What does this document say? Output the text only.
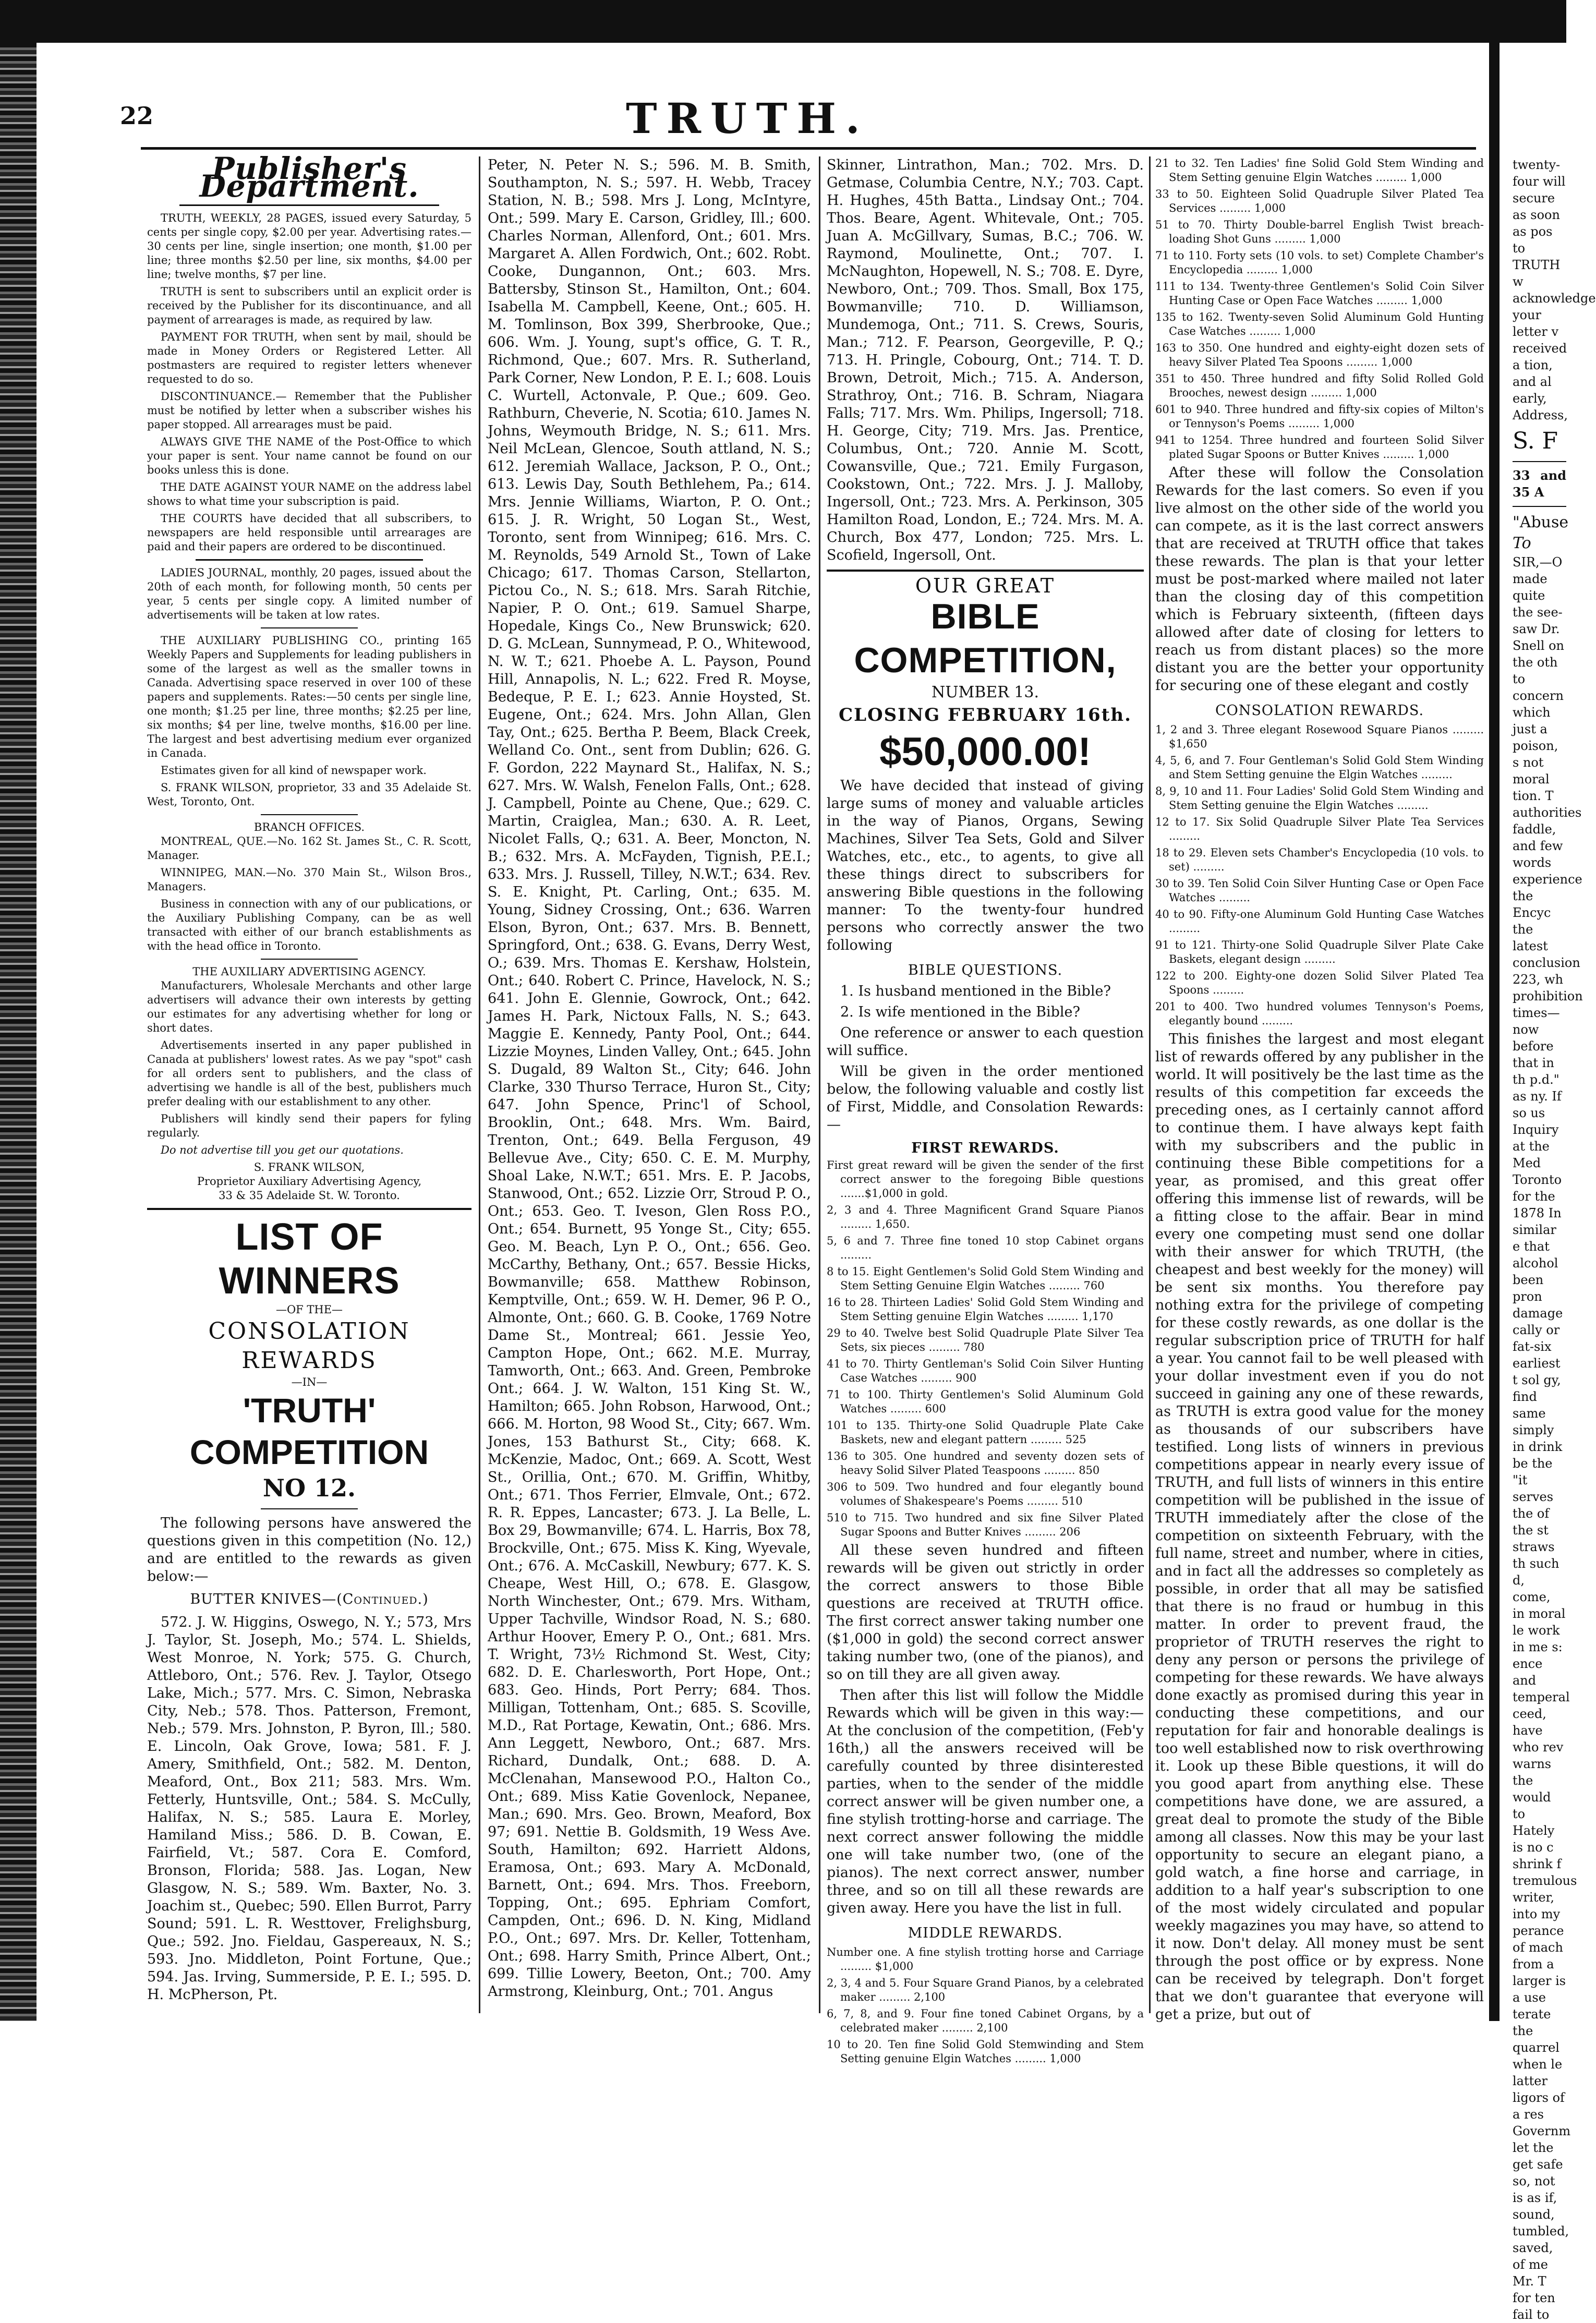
22	TRUTH.
Publisher's Department.

TRUTH, WEEKLY, 28 PAGES, issued every Saturday, 5 cents per single copy, $2.00 per year. Advertising rates.— 30 cents per line, single insertion; one month, $1.00 per line; three months $2.50 per line, six months, $4.00 per line; twelve months, $7 per line.

TRUTH is sent to subscribers until an explicit order is received by the Publisher for its discontinuance, and all payment of arrearages is made, as required by law.

PAYMENT FOR TRUTH, when sent by mail, should be made in Money Orders or Registered Letter. All postmasters are required to register letters whenever requested to do so.

DISCONTINUANCE.— Remember that the Publisher must be notified by letter when a subscriber wishes his paper stopped. All arrearages must be paid.

ALWAYS GIVE THE NAME of the Post-Office to which your paper is sent. Your name cannot be found on our books unless this is done.

THE DATE AGAINST YOUR NAME on the address label shows to what time your subscription is paid.

THE COURTS have decided that all subscribers, to newspapers are held responsible until arrearages are paid and their papers are ordered to be discontinued.

LADIES JOURNAL, monthly, 20 pages, issued about the 20th of each month, for following month, 50 cents per year, 5 cents per single copy. A limited number of advertisements will be taken at low rates.

THE AUXILIARY PUBLISHING CO., printing 165 Weekly Papers and Supplements for leading publishers in some of the largest as well as the smaller towns in Canada. Advertising space reserved in over 100 of these papers and supplements. Rates:—50 cents per single line, one month; $1.25 per line, three months; $2.25 per line, six months; $4 per line, twelve months, $16.00 per line. The largest and best advertising medium ever organized in Canada.

Estimates given for all kind of newspaper work.

S. FRANK WILSON, proprietor, 33 and 35 Adelaide St. West, Toronto, Ont.

BRANCH OFFICES.

MONTREAL, QUE.—No. 162 St. James St., C. R. Scott, Manager.

WINNIPEG, MAN.—No. 370 Main St., Wilson Bros., Managers.

Business in connection with any of our publications, or the Auxiliary Publishing Company, can be as well transacted with either of our branch establishments as with the head office in Toronto.

THE AUXILIARY ADVERTISING AGENCY.

Manufacturers, Wholesale Merchants and other large advertisers will advance their own interests by getting our estimates for any advertising whether for long or short dates.

Advertisements inserted in any paper published in Canada at publishers' lowest rates. As we pay "spot" cash for all orders sent to publishers, and the class of advertising we handle is all of the best, publishers much prefer dealing with our establishment to any other.

Publishers will kindly send their papers for fyling regularly.

Do not advertise till you get our quotations.

S. FRANK WILSON,
Proprietor Auxiliary Advertising Agency,
33 & 35 Adelaide St. W. Toronto.
LIST OF WINNERS
—OF THE—
CONSOLATION REWARDS
—IN—
'TRUTH' COMPETITION
NO 12.

The following persons have answered the questions given in this competition (No. 12,) and are entitled to the rewards as given below:—

BUTTER KNIVES—(Continued.)

572. J. W. Higgins, Oswego, N. Y.; 573, Mrs J. Taylor, St. Joseph, Mo.; 574. L. Shields, West Monroe, N. York; 575. G. Church, Attleboro, Ont.; 576. Rev. J. Taylor, Otsego Lake, Mich.; 577. Mrs. C. Simon, Nebraska City, Neb.; 578. Thos. Patterson, Fremont, Neb.; 579. Mrs. Johnston, P. Byron, Ill.; 580. E. Lincoln, Oak Grove, Iowa; 581. F. J. Amery, Smithfield, Ont.; 582. M. Denton, Meaford, Ont., Box 211; 583. Mrs. Wm. Fetterly, Huntsville, Ont.; 584. S. McCully, Halifax, N. S.; 585. Laura E. Morley, Hamiland Miss.; 586. D. B. Cowan, E. Fairfield, Vt.; 587. Cora E. Comford, Bronson, Florida; 588. Jas. Logan, New Glasgow, N. S.; 589. Wm. Baxter, No. 3. Joachim st., Quebec; 590. Ellen Burrot, Parry Sound; 591. L. R. Westtover, Frelighsburg, Que.; 592. Jno. Fieldau, Gaspereaux, N. S.; 593. Jno. Middleton, Point Fortune, Que.; 594. Jas. Irving, Summerside, P. E. I.; 595. D. H. McPherson, Pt.

Peter, N. Peter N. S.; 596. M. B. Smith, Southampton, N. S.; 597. H. Webb, Tracey Station, N. B.; 598. Mrs J. Long, McIntyre, Ont.; 599. Mary E. Carson, Gridley, Ill.; 600. Charles Norman, Allenford, Ont.; 601. Mrs. Margaret A. Allen Fordwich, Ont.; 602. Robt. Cooke, Dungannon, Ont.; 603. Mrs. Battersby, Stinson St., Hamilton, Ont.; 604. Isabella M. Campbell, Keene, Ont.; 605. H. M. Tomlinson, Box 399, Sherbrooke, Que.; 606. Wm. J. Young, supt's office, G. T. R., Richmond, Que.; 607. Mrs. R. Sutherland, Park Corner, New London, P. E. I.; 608. Louis C. Wurtell, Actonvale, P. Que.; 609. Geo. Rathburn, Cheverie, N. Scotia; 610. James N. Johns, Weymouth Bridge, N. S.; 611. Mrs. Neil McLean, Glencoe, South attland, N. S.; 612. Jeremiah Wallace, Jackson, P. O., Ont.; 613. Lewis Day, South Bethlehem, Pa.; 614. Mrs. Jennie Williams, Wiarton, P. O. Ont.; 615. J. R. Wright, 50 Logan St., West, Toronto, sent from Winnipeg; 616. Mrs. C. M. Reynolds, 549 Arnold St., Town of Lake Chicago; 617. Thomas Carson, Stellarton, Pictou Co., N. S.; 618. Mrs. Sarah Ritchie, Napier, P. O. Ont.; 619. Samuel Sharpe, Hopedale, Kings Co., New Brunswick; 620. D. G. McLean, Sunnymead, P. O., Whitewood, N. W. T.; 621. Phoebe A. L. Payson, Pound Hill, Annapolis, N. L.; 622. Fred R. Moyse, Bedeque, P. E. I.; 623. Annie Hoysted, St. Eugene, Ont.; 624. Mrs. John Allan, Glen Tay, Ont.; 625. Bertha P. Beem, Black Creek, Welland Co. Ont., sent from Dublin; 626. G. F. Gordon, 222 Maynard St., Halifax, N. S.; 627. Mrs. W. Walsh, Fenelon Falls, Ont.; 628. J. Campbell, Pointe au Chene, Que.; 629. C. Martin, Craiglea, Man.; 630. A. R. Leet, Nicolet Falls, Q.; 631. A. Beer, Moncton, N. B.; 632. Mrs. A. McFayden, Tignish, P.E.I.; 633. Mrs. J. Russell, Tilley, N.W.T.; 634. Rev. S. E. Knight, Pt. Carling, Ont.; 635. M. Young, Sidney Crossing, Ont.; 636. Warren Elson, Byron, Ont.; 637. Mrs. B. Bennett, Springford, Ont.; 638. G. Evans, Derry West, O.; 639. Mrs. Thomas E. Kershaw, Holstein, Ont.; 640. Robert C. Prince, Havelock, N. S.; 641. John E. Glennie, Gowrock, Ont.; 642. James H. Park, Nictoux Falls, N. S.; 643. Maggie E. Kennedy, Panty Pool, Ont.; 644. Lizzie Moynes, Linden Valley, Ont.; 645. John S. Dugald, 89 Walton St., City; 646. John Clarke, 330 Thurso Terrace, Huron St., City; 647. John Spence, Princ'l of School, Brooklin, Ont.; 648. Mrs. Wm. Baird, Trenton, Ont.; 649. Bella Ferguson, 49 Bellevue Ave., City; 650. C. E. M. Murphy, Shoal Lake, N.W.T.; 651. Mrs. E. P. Jacobs, Stanwood, Ont.; 652. Lizzie Orr, Stroud P. O., Ont.; 653. Geo. T. Iveson, Glen Ross P.O., Ont.; 654. Burnett, 95 Yonge St., City; 655. Geo. M. Beach, Lyn P. O., Ont.; 656. Geo. McCarthy, Bethany, Ont.; 657. Bessie Hicks, Bowmanville; 658. Matthew Robinson, Kemptville, Ont.; 659. W. H. Demer, 96 P. O., Almonte, Ont.; 660. G. B. Cooke, 1769 Notre Dame St., Montreal; 661. Jessie Yeo, Campton Hope, Ont.; 662. M.E. Murray, Tamworth, Ont.; 663. And. Green, Pembroke Ont.; 664. J. W. Walton, 151 King St. W., Hamilton; 665. John Robson, Harwood, Ont.; 666. M. Horton, 98 Wood St., City; 667. Wm. Jones, 153 Bathurst St., City; 668. K. McKenzie, Madoc, Ont.; 669. A. Scott, West St., Orillia, Ont.; 670. M. Griffin, Whitby, Ont.; 671. Thos Ferrier, Elmvale, Ont.; 672. R. R. Eppes, Lancaster; 673. J. La Belle, L. Box 29, Bowmanville; 674. L. Harris, Box 78, Brockville, Ont.; 675. Miss K. King, Wyevale, Ont.; 676. A. McCaskill, Newbury; 677. K. S. Cheape, West Hill, O.; 678. E. Glasgow, North Winchester, Ont.; 679. Mrs. Witham, Upper Tachville, Windsor Road, N. S.; 680. Arthur Hoover, Emery P. O., Ont.; 681. Mrs. T. Wright, 73½ Richmond St. West, City; 682. D. E. Charlesworth, Port Hope, Ont.; 683. Geo. Hinds, Port Perry; 684. Thos. Milligan, Tottenham, Ont.; 685. S. Scoville, M.D., Rat Portage, Kewatin, Ont.; 686. Mrs. Ann Leggett, Newboro, Ont.; 687. Mrs. Richard, Dundalk, Ont.; 688. D. A. McClenahan, Mansewood P.O., Halton Co., Ont.; 689. Miss Katie Govenlock, Nepanee, Man.; 690. Mrs. Geo. Brown, Meaford, Box 97; 691. Nettie B. Goldsmith, 19 Wess Ave. South, Hamilton; 692. Harriett Aldons, Eramosa, Ont.; 693. Mary A. McDonald, Barnett, Ont.; 694. Mrs. Thos. Freeborn, Topping, Ont.; 695. Ephriam Comfort, Campden, Ont.; 696. D. N. King, Midland P.O., Ont.; 697. Mrs. Dr. Keller, Tottenham, Ont.; 698. Harry Smith, Prince Albert, Ont.; 699. Tillie Lowery, Beeton, Ont.; 700. Amy Armstrong, Kleinburg, Ont.; 701. Angus

Skinner, Lintrathon, Man.; 702. Mrs. D. Getmase, Columbia Centre, N.Y.; 703. Capt. H. Hughes, 45th Batta., Lindsay Ont.; 704. Thos. Beare, Agent. Whitevale, Ont.; 705. Juan A. McGillvary, Sumas, B.C.; 706. W. Raymond, Moulinette, Ont.; 707. I. McNaughton, Hopewell, N. S.; 708. E. Dyre, Newboro, Ont.; 709. Thos. Small, Box 175, Bowmanville; 710. D. Williamson, Mundemoga, Ont.; 711. S. Crews, Souris, Man.; 712. F. Pearson, Georgeville, P. Q.; 713. H. Pringle, Cobourg, Ont.; 714. T. D. Brown, Detroit, Mich.; 715. A. Anderson, Strathroy, Ont.; 716. B. Schram, Niagara Falls; 717. Mrs. Wm. Philips, Ingersoll; 718. H. George, City; 719. Mrs. Jas. Prentice, Columbus, Ont.; 720. Annie M. Scott, Cowansville, Que.; 721. Emily Furgason, Cookstown, Ont.; 722. Mrs. J. J. Malloby, Ingersoll, Ont.; 723. Mrs. A. Perkinson, 305 Hamilton Road, London, E.; 724. Mrs. M. A. Church, Box 477, London; 725. Mrs. L. Scofield, Ingersoll, Ont.

OUR GREAT
BIBLE COMPETITION,
NUMBER 13.
CLOSING FEBRUARY 16th.
$50,000.00!

We have decided that instead of giving large sums of money and valuable articles in the way of Pianos, Organs, Sewing Machines, Silver Tea Sets, Gold and Silver Watches, etc., etc., to agents, to give all these things direct to subscribers for answering Bible questions in the following manner: To the twenty-four hundred persons who correctly answer the two following

BIBLE QUESTIONS.

1. Is husband mentioned in the Bible?

2. Is wife mentioned in the Bible?

One reference or answer to each question will suffice.

Will be given in the order mentioned below, the following valuable and costly list of First, Middle, and Consolation Rewards:—

FIRST REWARDS.

First great reward will be given the sender of the first correct answer to the foregoing Bible questions .......$1,000 in gold.

2, 3 and 4. Three Magnificent Grand Square Pianos ......... 1,650.

5, 6 and 7. Three fine toned 10 stop Cabinet organs .........

8 to 15. Eight Gentlemen's Solid Gold Stem Winding and Stem Setting Genuine Elgin Watches ......... 760

16 to 28. Thirteen Ladies' Solid Gold Stem Winding and Stem Setting genuine Elgin Watches ......... 1,170

29 to 40. Twelve best Solid Quadruple Plate Silver Tea Sets, six pieces ......... 780

41 to 70. Thirty Gentleman's Solid Coin Silver Hunting Case Watches ......... 900

71 to 100. Thirty Gentlemen's Solid Aluminum Gold Watches ......... 600

101 to 135. Thirty-one Solid Quadruple Plate Cake Baskets, new and elegant pattern ......... 525

136 to 305. One hundred and seventy dozen sets of heavy Solid Silver Plated Teaspoons ......... 850

306 to 509. Two hundred and four elegantly bound volumes of Shakespeare's Poems ......... 510

510 to 715. Two hundred and six fine Silver Plated Sugar Spoons and Butter Knives ......... 206

All these seven hundred and fifteen rewards will be given out strictly in order the correct answers to those Bible questions are received at TRUTH office. The first correct answer taking number one ($1,000 in gold) the second correct answer taking number two, (one of the pianos), and so on till they are all given away.

Then after this list will follow the Middle Rewards which will be given in this way:—At the conclusion of the competition, (Feb'y 16th,) all the answers received will be carefully counted by three disinterested parties, when to the sender of the middle correct answer will be given number one, a fine stylish trotting-horse and carriage. The next correct answer following the middle one will take number two, (one of the pianos). The next correct answer, number three, and so on till all these rewards are given away. Here you have the list in full.

MIDDLE REWARDS.

Number one. A fine stylish trotting horse and Carriage ......... $1,000

2, 3, 4 and 5. Four Square Grand Pianos, by a celebrated maker ......... 2,100

6, 7, 8, and 9. Four fine toned Cabinet Organs, by a celebrated maker ......... 2,100

10 to 20. Ten fine Solid Gold Stemwinding and Stem Setting genuine Elgin Watches ......... 1,000

21 to 32. Ten Ladies' fine Solid Gold Stem Winding and Stem Setting genuine Elgin Watches ......... 1,000

33 to 50. Eighteen Solid Quadruple Silver Plated Tea Services ......... 1,000

51 to 70. Thirty Double-barrel English Twist breach-loading Shot Guns ......... 1,000

71 to 110. Forty sets (10 vols. to set) Complete Chamber's Encyclopedia ......... 1,000

111 to 134. Twenty-three Gentlemen's Solid Coin Silver Hunting Case or Open Face Watches ......... 1,000

135 to 162. Twenty-seven Solid Aluminum Gold Hunting Case Watches ......... 1,000

163 to 350. One hundred and eighty-eight dozen sets of heavy Silver Plated Tea Spoons ......... 1,000

351 to 450. Three hundred and fifty Solid Rolled Gold Brooches, newest design ......... 1,000

601 to 940. Three hundred and fifty-six copies of Milton's or Tennyson's Poems ......... 1,000

941 to 1254. Three hundred and fourteen Solid Silver plated Sugar Spoons or Butter Knives ......... 1,000

After these will follow the Consolation Rewards for the last comers. So even if you live almost on the other side of the world you can compete, as it is the last correct answers that are received at TRUTH office that takes these rewards. The plan is that your letter must be post-marked where mailed not later than the closing day of this competition which is February sixteenth, (fifteen days allowed after date of closing for letters to reach us from distant places) so the more distant you are the better your opportunity for securing one of these elegant and costly

CONSOLATION REWARDS.

1, 2 and 3. Three elegant Rosewood Square Pianos ......... $1,650

4, 5, 6, and 7. Four Gentleman's Solid Gold Stem Winding and Stem Setting genuine the Elgin Watches .........

8, 9, 10 and 11. Four Ladies' Solid Gold Stem Winding and Stem Setting genuine the Elgin Watches .........

12 to 17. Six Solid Quadruple Silver Plate Tea Services .........

18 to 29. Eleven sets Chamber's Encyclopedia (10 vols. to set) .........

30 to 39. Ten Solid Coin Silver Hunting Case or Open Face Watches .........

40 to 90. Fifty-one Aluminum Gold Hunting Case Watches .........

91 to 121. Thirty-one Solid Quadruple Silver Plate Cake Baskets, elegant design .........

122 to 200. Eighty-one dozen Solid Silver Plated Tea Spoons .........

201 to 400. Two hundred volumes Tennyson's Poems, elegantly bound .........

This finishes the largest and most elegant list of rewards offered by any publisher in the world. It will positively be the last time as the results of this competition far exceeds the preceding ones, as I certainly cannot afford to continue them. I have always kept faith with my subscribers and the public in continuing these Bible competitions for a year, as promised, and this great offer offering this immense list of rewards, will be a fitting close to the affair. Bear in mind every one competing must send one dollar with their answer for which TRUTH, (the cheapest and best weekly for the money) will be sent six months. You therefore pay nothing extra for the privilege of competing for these costly rewards, as one dollar is the regular subscription price of TRUTH for half a year. You cannot fail to be well pleased with your dollar investment even if you do not succeed in gaining any one of these rewards, as TRUTH is extra good value for the money as thousands of our subscribers have testified. Long lists of winners in previous competitions appear in nearly every issue of TRUTH, and full lists of winners in this entire competition will be published in the issue of TRUTH immediately after the close of the competition on sixteenth February, with the full name, street and number, where in cities, and in fact all the addresses so completely as possible, in order that all may be satisfied that there is no fraud or humbug in this matter. In order to prevent fraud, the proprietor of TRUTH reserves the right to deny any person or persons the privilege of competing for these rewards. We have always done exactly as promised during this year in conducting these competitions, and our reputation for fair and honorable dealings is too well established now to risk overthrowing it. Look up these Bible questions, it will do you good apart from anything else. These competitions have done, we are assured, a great deal to promote the study of the Bible among all classes. Now this may be your last opportunity to secure an elegant piano, a gold watch, a fine horse and carriage, in addition to a half year's subscription to one of the most widely circulated and popular weekly magazines you may have, so attend to it now. Don't delay. All money must be sent through the post office or by express. None can be received by telegraph. Don't forget that we don't guarantee that everyone will get a prize, but out of

twenty-four will secure as soon as pos to TRUTH w acknowledge your letter v received a tion, and al early, Address,

S. F
33 and 35 A
"Abuse
To

SIR,—O made quite the see-saw Dr. Snell on the oth to concern which just a poison, s not moral tion. T authorities faddle, and few words experience the Encyc the latest conclusion 223, wh prohibition times— now before that in th p.d." as ny. If so us Inquiry at the Med Toronto for the 1878 In similar e that alcohol been pron damage cally or fat-six earliest t sol gy, find same simply in drink be the "it serves the of the st straws th such d, come, in moral le work in me s: ence and temperal ceed, have who rev warns the would to Hately is no c shrink f tremulous writer, into my perance of mach from a larger is a use terate the quarrel when le latter ligors of a res Governm let the get safe so, not is as if, sound, tumbled, saved, of me Mr. T for ten fail to
